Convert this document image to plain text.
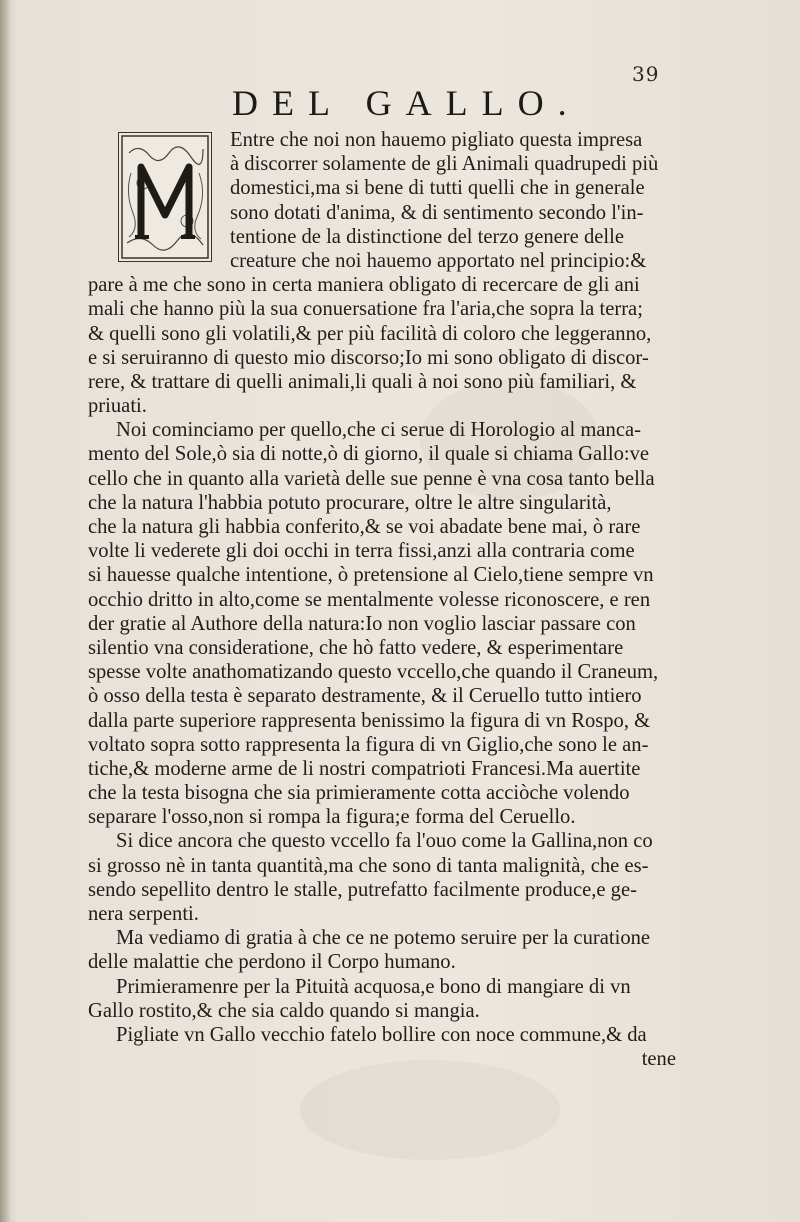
39
DEL GALLO.
Entre che noi non hauemo pigliato questa impresa
à discorrer solamente de gli Animali quadrupedi più
domestici,ma si bene di tutti quelli che in generale
sono dotati d'anima, & di sentimento secondo l'in-
tentione de la distinctione del terzo genere delle
creature che noi hauemo apportato nel principio:&
pare à me che sono in certa maniera obligato di recercare de gli ani
mali che hanno più la sua conuersatione fra l'aria,che sopra la terra;
& quelli sono gli volatili,& per più facilità di coloro che leggeranno,
e si seruiranno di questo mio discorso;Io mi sono obligato di discor-
rere, & trattare di quelli animali,li quali à noi sono più familiari, &
priuati.
Noi cominciamo per quello,che ci serue di Horologio al manca-
mento del Sole,ò sia di notte,ò di giorno, il quale si chiama Gallo:ve
cello che in quanto alla varietà delle sue penne è vna cosa tanto bella
che la natura l'habbia potuto procurare, oltre le altre singularità,
che la natura gli habbia conferito,& se voi abadate bene mai, ò rare
volte li vederete gli doi occhi in terra fissi,anzi alla contraria come
si hauesse qualche intentione, ò pretensione al Cielo,tiene sempre vn
occhio dritto in alto,come se mentalmente volesse riconoscere, e ren
der gratie al Authore della natura:Io non voglio lasciar passare con
silentio vna consideratione, che hò fatto vedere, & esperimentare
spesse volte anathomatizando questo vccello,che quando il Craneum,
ò osso della testa è separato destramente, & il Ceruello tutto intiero
dalla parte superiore rappresenta benissimo la figura di vn Rospo, &
voltato sopra sotto rappresenta la figura di vn Giglio,che sono le an-
tiche,& moderne arme de li nostri compatrioti Francesi.Ma auertite
che la testa bisogna che sia primieramente cotta acciòche volendo
separare l'osso,non si rompa la figura;e forma del Ceruello.
Si dice ancora che questo vccello fa l'ouo come la Gallina,non co
si grosso nè in tanta quantità,ma che sono di tanta malignità, che es-
sendo sepellito dentro le stalle, putrefatto facilmente produce,e ge-
nera serpenti.
Ma vediamo di gratia à che ce ne potemo seruire per la curatione
delle malattie che perdono il Corpo humano.
Primieramenre per la Pituità acquosa,e bono di mangiare di vn
Gallo rostito,& che sia caldo quando si mangia.
Pigliate vn Gallo vecchio fatelo bollire con noce commune,& da
tene
